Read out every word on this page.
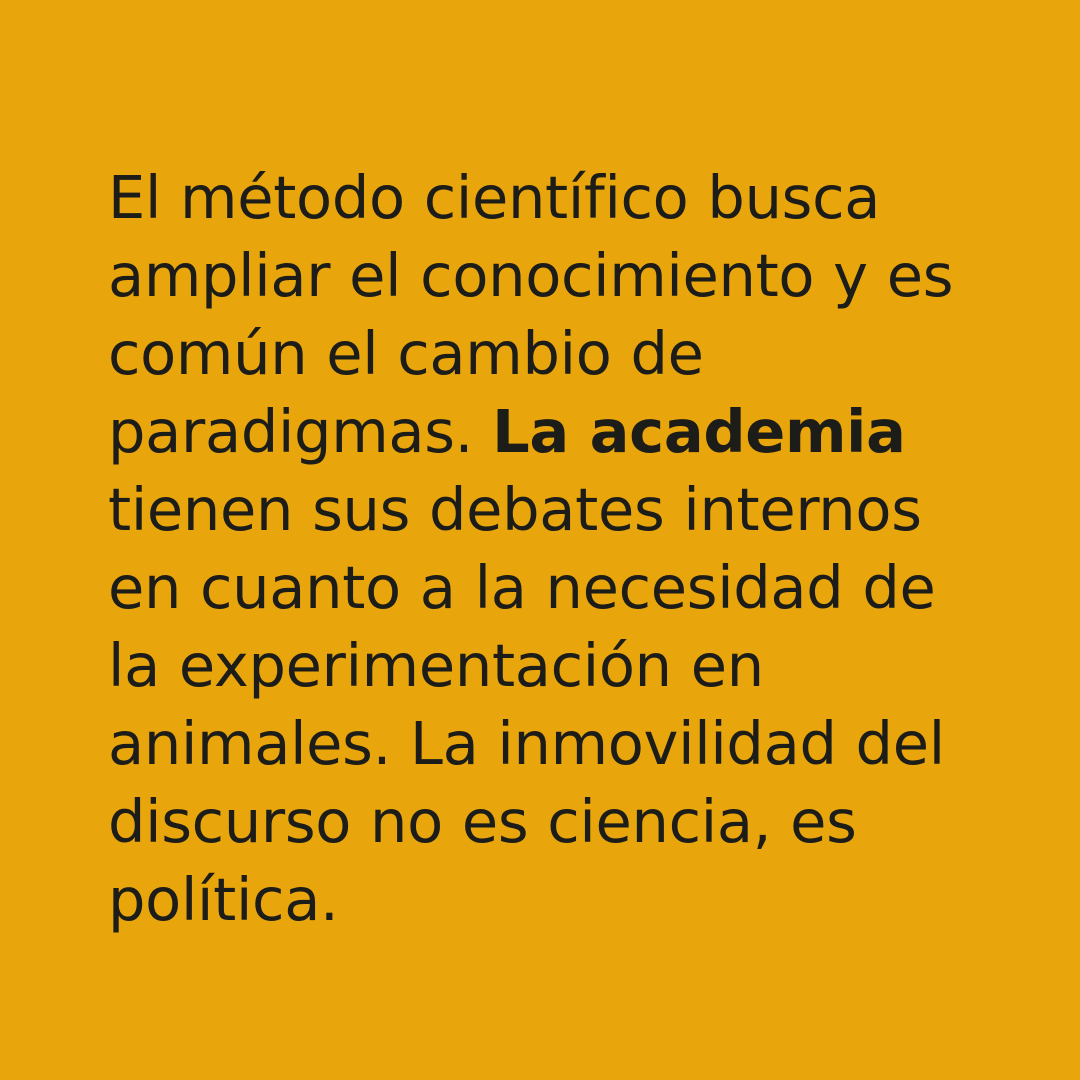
El método científico busca ampliar el conocimiento y es común el cambio de paradigmas. La academia tienen sus debates internos en cuanto a la necesidad de la experimentación en animales. La inmovilidad del discurso no es ciencia, es política.
